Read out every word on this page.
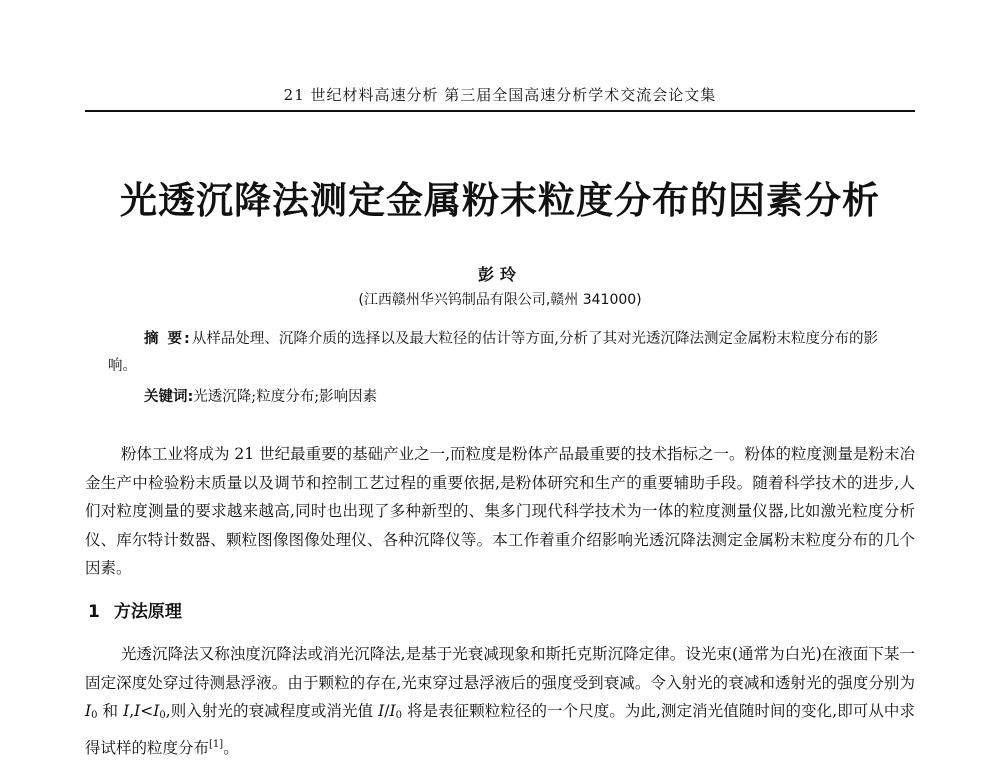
21 世纪材料高速分析 第三届全国高速分析学术交流会论文集
光透沉降法测定金属粉末粒度分布的因素分析
彭玲
(江西赣州华兴钨制品有限公司,赣州 341000)
摘 要:从样品处理、沉降介质的选择以及最大粒径的估计等方面,分析了其对光透沉降法测定金属粉末粒度分布的影响。
关键词:光透沉降;粒度分布;影响因素
粉体工业将成为 21 世纪最重要的基础产业之一,而粒度是粉体产品最重要的技术指标之一。粉体的粒度测量是粉末冶金生产中检验粉末质量以及调节和控制工艺过程的重要依据,是粉体研究和生产的重要辅助手段。随着科学技术的进步,人们对粒度测量的要求越来越高,同时也出现了多种新型的、集多门现代科学技术为一体的粒度测量仪器,比如激光粒度分析仪、库尔特计数器、颗粒图像图像处理仪、各种沉降仪等。本工作着重介绍影响光透沉降法测定金属粉末粒度分布的几个因素。
1 方法原理
光透沉降法又称浊度沉降法或消光沉降法,是基于光衰减现象和斯托克斯沉降定律。设光束(通常为白光)在液面下某一固定深度处穿过待测悬浮液。由于颗粒的存在,光束穿过悬浮液后的强度受到衰减。令入射光的衰减和透射光的强度分别为 $I_0$ 和 $I,I<I_0$,则入射光的衰减程度或消光值 $I/I_0$ 将是表征颗粒粒径的一个尺度。为此,测定消光值随时间的变化,即可从中求得试样的粒度分布[1]。
